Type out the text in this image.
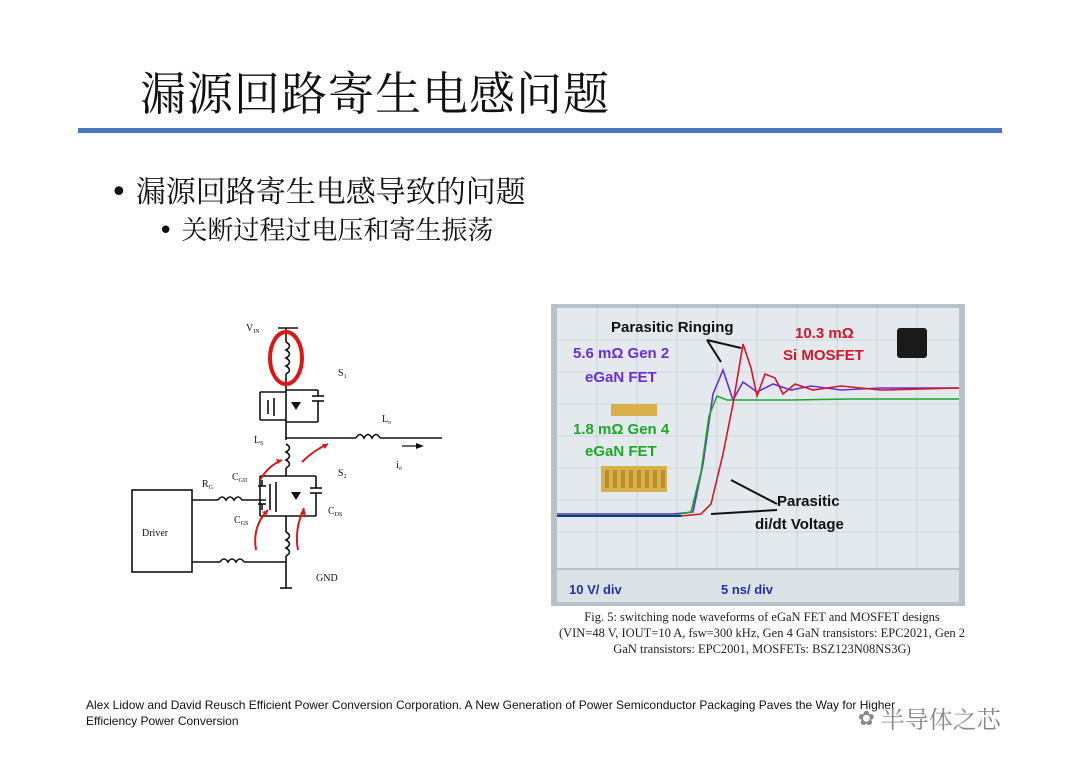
漏源回路寄生电感问题
• 漏源回路寄生电感导致的问题
• 关断过程过电压和寄生振荡
$V_{IN}$
$S_1$
$L_S$
$L_o$
$i_o$
$C_{GD}$
$S_2$
$R_G$
$C_{GS}$
$C_{DS}$
Driver
GND
Parasitic Ringing	10.3 mΩ
Si MOSFET
5.6 mΩ Gen 2
eGaN FET
1.8 mΩ Gen 4
eGaN FET
Parasitic
di/dt Voltage
10 V/ div	5 ns/ div
Fig. 5: switching node waveforms of eGaN FET and MOSFET designs
(VIN=48 V, IOUT=10 A, fsw=300 kHz, Gen 4 GaN transistors: EPC2021, Gen 2
GaN transistors: EPC2001, MOSFETs: BSZ123N08NS3G)
Alex Lidow and David Reusch Efficient Power Conversion Corporation. A New Generation of Power Semiconductor Packaging Paves the Way for Higher
Efficiency Power Conversion	✿ 半导体之芯
